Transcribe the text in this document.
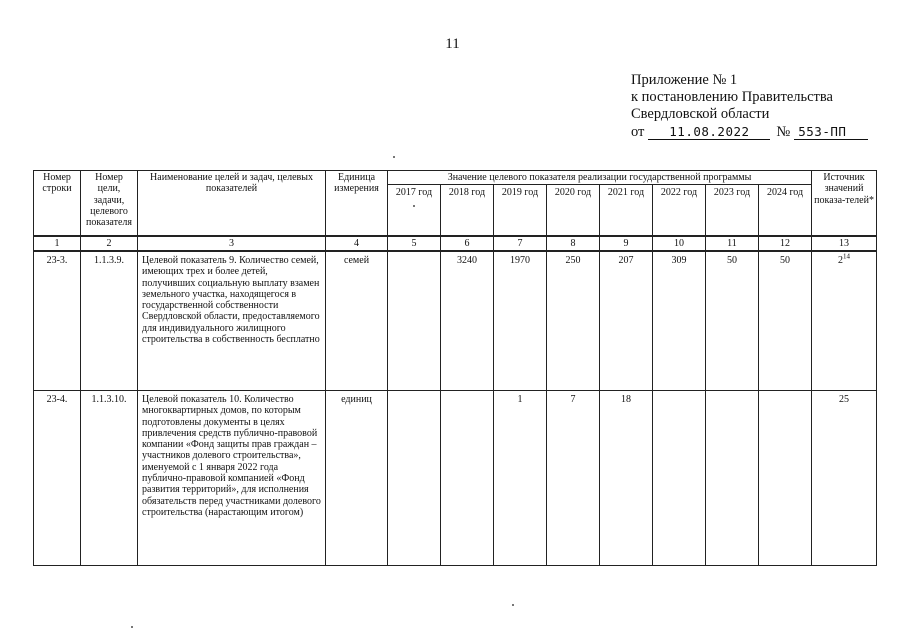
11
Приложение № 1
к постановлению Правительства
Свердловской области
от 11.08.2022 № 553-ПП
Номер строки	Номер цели, задачи, целевого показателя	Наименование целей и задач, целевых показателей	Единица измерения	Значение целевого показателя реализации государственной программы								Источник значений показа-телей*
				2017 год	2018 год	2019 год	2020 год	2021 год	2022 год	2023 год	2024 год	
1	2	3	4	5	6	7	8	9	10	11	12	13
23-3.	1.1.3.9.	Целевой показатель 9. Количество семей, имеющих трех и более детей, получивших социальную выплату взамен земельного участка, находящегося в государственной собственности Свердловской области, предоставляемого для индивидуального жилищного строительства в собственность бесплатно	семей		3240	1970	250	207	309	50	50	$2^{14}$
23-4.	1.1.3.10.	Целевой показатель 10. Количество многоквартирных домов, по которым подготовлены документы в целях привлечения средств публично-правовой компании «Фонд защиты прав граждан – участников долевого строительства», именуемой с 1 января 2022 года публично-правовой компанией «Фонд развития территорий», для исполнения обязательств перед участниками долевого строительства (нарастающим итогом)	единиц			1	7	18				25
